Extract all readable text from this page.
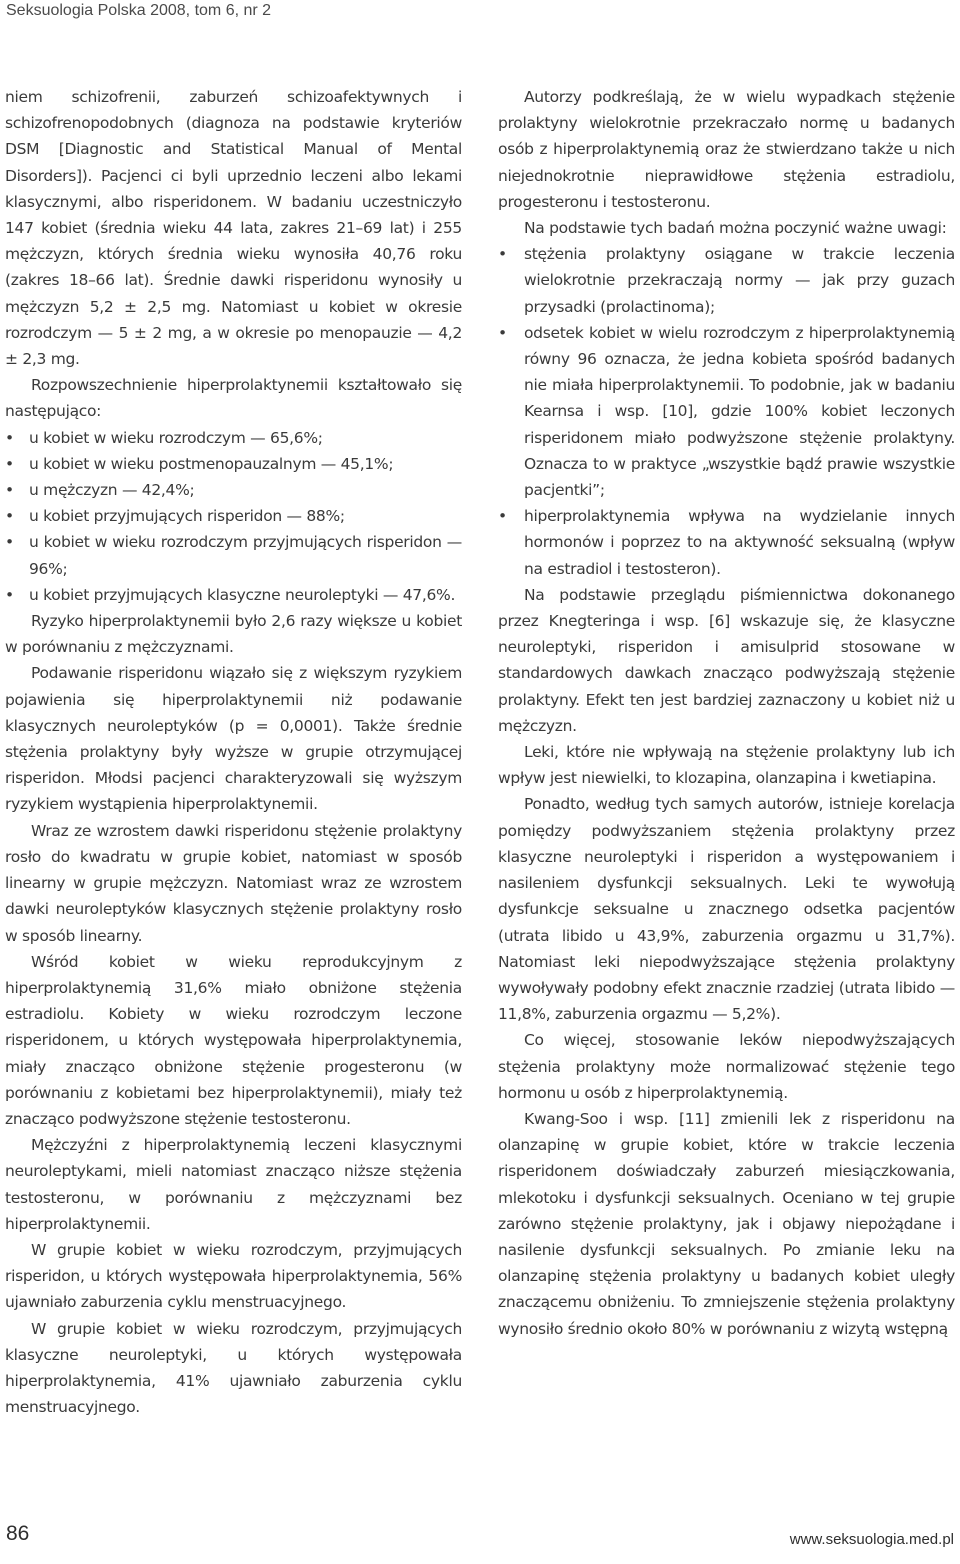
Seksuologia Polska 2008, tom 6, nr 2

niem schizofrenii, zaburzeń schizoafektywnych i schizofrenopodobnych (diagnoza na podstawie kryteriów DSM [Diagnostic and Statistical Manual of Mental Disorders]). Pacjenci ci byli uprzednio leczeni albo lekami klasycznymi, albo risperidonem. W badaniu uczestniczyło 147 kobiet (średnia wieku 44 lata, zakres 21–69 lat) i 255 mężczyzn, których średnia wieku wynosiła 40,76 roku (zakres 18–66 lat). Średnie dawki risperidonu wynosiły u mężczyzn 5,2 ± 2,5 mg. Natomiast u kobiet w okresie rozrodczym — 5 ± 2 mg, a w okresie po menopauzie — 4,2 ± 2,3 mg.

Rozpowszechnienie hiperprolaktynemii kształtowało się następująco:

• u kobiet w wieku rozrodczym — 65,6%;
• u kobiet w wieku postmenopauzalnym — 45,1%;
• u mężczyzn — 42,4%;
• u kobiet przyjmujących risperidon — 88%;
• u kobiet w wieku rozrodczym przyjmujących risperidon — 96%;
• u kobiet przyjmujących klasyczne neuroleptyki — 47,6%.

Ryzyko hiperprolaktynemii było 2,6 razy większe u kobiet w porównaniu z mężczyznami.

Podawanie risperidonu wiązało się z większym ryzykiem pojawienia się hiperprolaktynemii niż podawanie klasycznych neuroleptyków (p = 0,0001). Także średnie stężenia prolaktyny były wyższe w grupie otrzymującej risperidon. Młodsi pacjenci charakteryzowali się wyższym ryzykiem wystąpienia hiperprolaktynemii.

Wraz ze wzrostem dawki risperidonu stężenie prolaktyny rosło do kwadratu w grupie kobiet, natomiast w sposób linearny w grupie mężczyzn. Natomiast wraz ze wzrostem dawki neuroleptyków klasycznych stężenie prolaktyny rosło w sposób linearny.

Wśród kobiet w wieku reprodukcyjnym z hiperprolaktynemią 31,6% miało obniżone stężenia estradiolu. Kobiety w wieku rozrodczym leczone risperidonem, u których występowała hiperprolaktynemia, miały znacząco obniżone stężenie progesteronu (w porównaniu z kobietami bez hiperprolaktynemii), miały też znacząco podwyższone stężenie testosteronu.

Mężczyźni z hiperprolaktynemią leczeni klasycznymi neuroleptykami, mieli natomiast znacząco niższe stężenia testosteronu, w porównaniu z mężczyznami bez hiperprolaktynemii.

W grupie kobiet w wieku rozrodczym, przyjmujących risperidon, u których występowała hiperprolaktynemia, 56% ujawniało zaburzenia cyklu menstruacyjnego.

W grupie kobiet w wieku rozrodczym, przyjmujących klasyczne neuroleptyki, u których występowała hiperprolaktynemia, 41% ujawniało zaburzenia cyklu menstruacyjnego.

Autorzy podkreślają, że w wielu wypadkach stężenie prolaktyny wielokrotnie przekraczało normę u badanych osób z hiperprolaktynemią oraz że stwierdzano także u nich niejednokrotnie nieprawidłowe stężenia estradiolu, progesteronu i testosteronu.

Na podstawie tych badań można poczynić ważne uwagi:

• stężenia prolaktyny osiągane w trakcie leczenia wielokrotnie przekraczają normy — jak przy guzach przysadki (prolactinoma);
• odsetek kobiet w wielu rozrodczym z hiperprolaktynemią równy 96 oznacza, że jedna kobieta spośród badanych nie miała hiperprolaktynemii. To podobnie, jak w badaniu Kearnsa i wsp. [10], gdzie 100% kobiet leczonych risperidonem miało podwyższone stężenie prolaktyny. Oznacza to w praktyce „wszystkie bądź prawie wszystkie pacjentki”;
• hiperprolaktynemia wpływa na wydzielanie innych hormonów i poprzez to na aktywność seksualną (wpływ na estradiol i testosteron).

Na podstawie przeglądu piśmiennictwa dokonanego przez Knegteringa i wsp. [6] wskazuje się, że klasyczne neuroleptyki, risperidon i amisulprid stosowane w standardowych dawkach znacząco podwyższają stężenie prolaktyny. Efekt ten jest bardziej zaznaczony u kobiet niż u mężczyzn.

Leki, które nie wpływają na stężenie prolaktyny lub ich wpływ jest niewielki, to klozapina, olanzapina i kwetiapina.

Ponadto, według tych samych autorów, istnieje korelacja pomiędzy podwyższaniem stężenia prolaktyny przez klasyczne neuroleptyki i risperidon a występowaniem i nasileniem dysfunkcji seksualnych. Leki te wywołują dysfunkcje seksualne u znacznego odsetka pacjentów (utrata libido u 43,9%, zaburzenia orgazmu u 31,7%). Natomiast leki niepodwyższające stężenia prolaktyny wywoływały podobny efekt znacznie rzadziej (utrata libido — 11,8%, zaburzenia orgazmu — 5,2%).

Co więcej, stosowanie leków niepodwyższających stężenia prolaktyny może normalizować stężenie tego hormonu u osób z hiperprolaktynemią.

Kwang-Soo i wsp. [11] zmienili lek z risperidonu na olanzapinę w grupie kobiet, które w trakcie leczenia risperidonem doświadczały zaburzeń miesiączkowania, mlekotoku i dysfunkcji seksualnych. Oceniano w tej grupie zarówno stężenie prolaktyny, jak i objawy niepożądane i nasilenie dysfunkcji seksualnych. Po zmianie leku na olanzapinę stężenia prolaktyny u badanych kobiet uległy znaczącemu obniżeniu. To zmniejszenie stężenia prolaktyny wynosiło średnio około 80% w porównaniu z wizytą wstępną

86	www.seksuologia.med.pl
